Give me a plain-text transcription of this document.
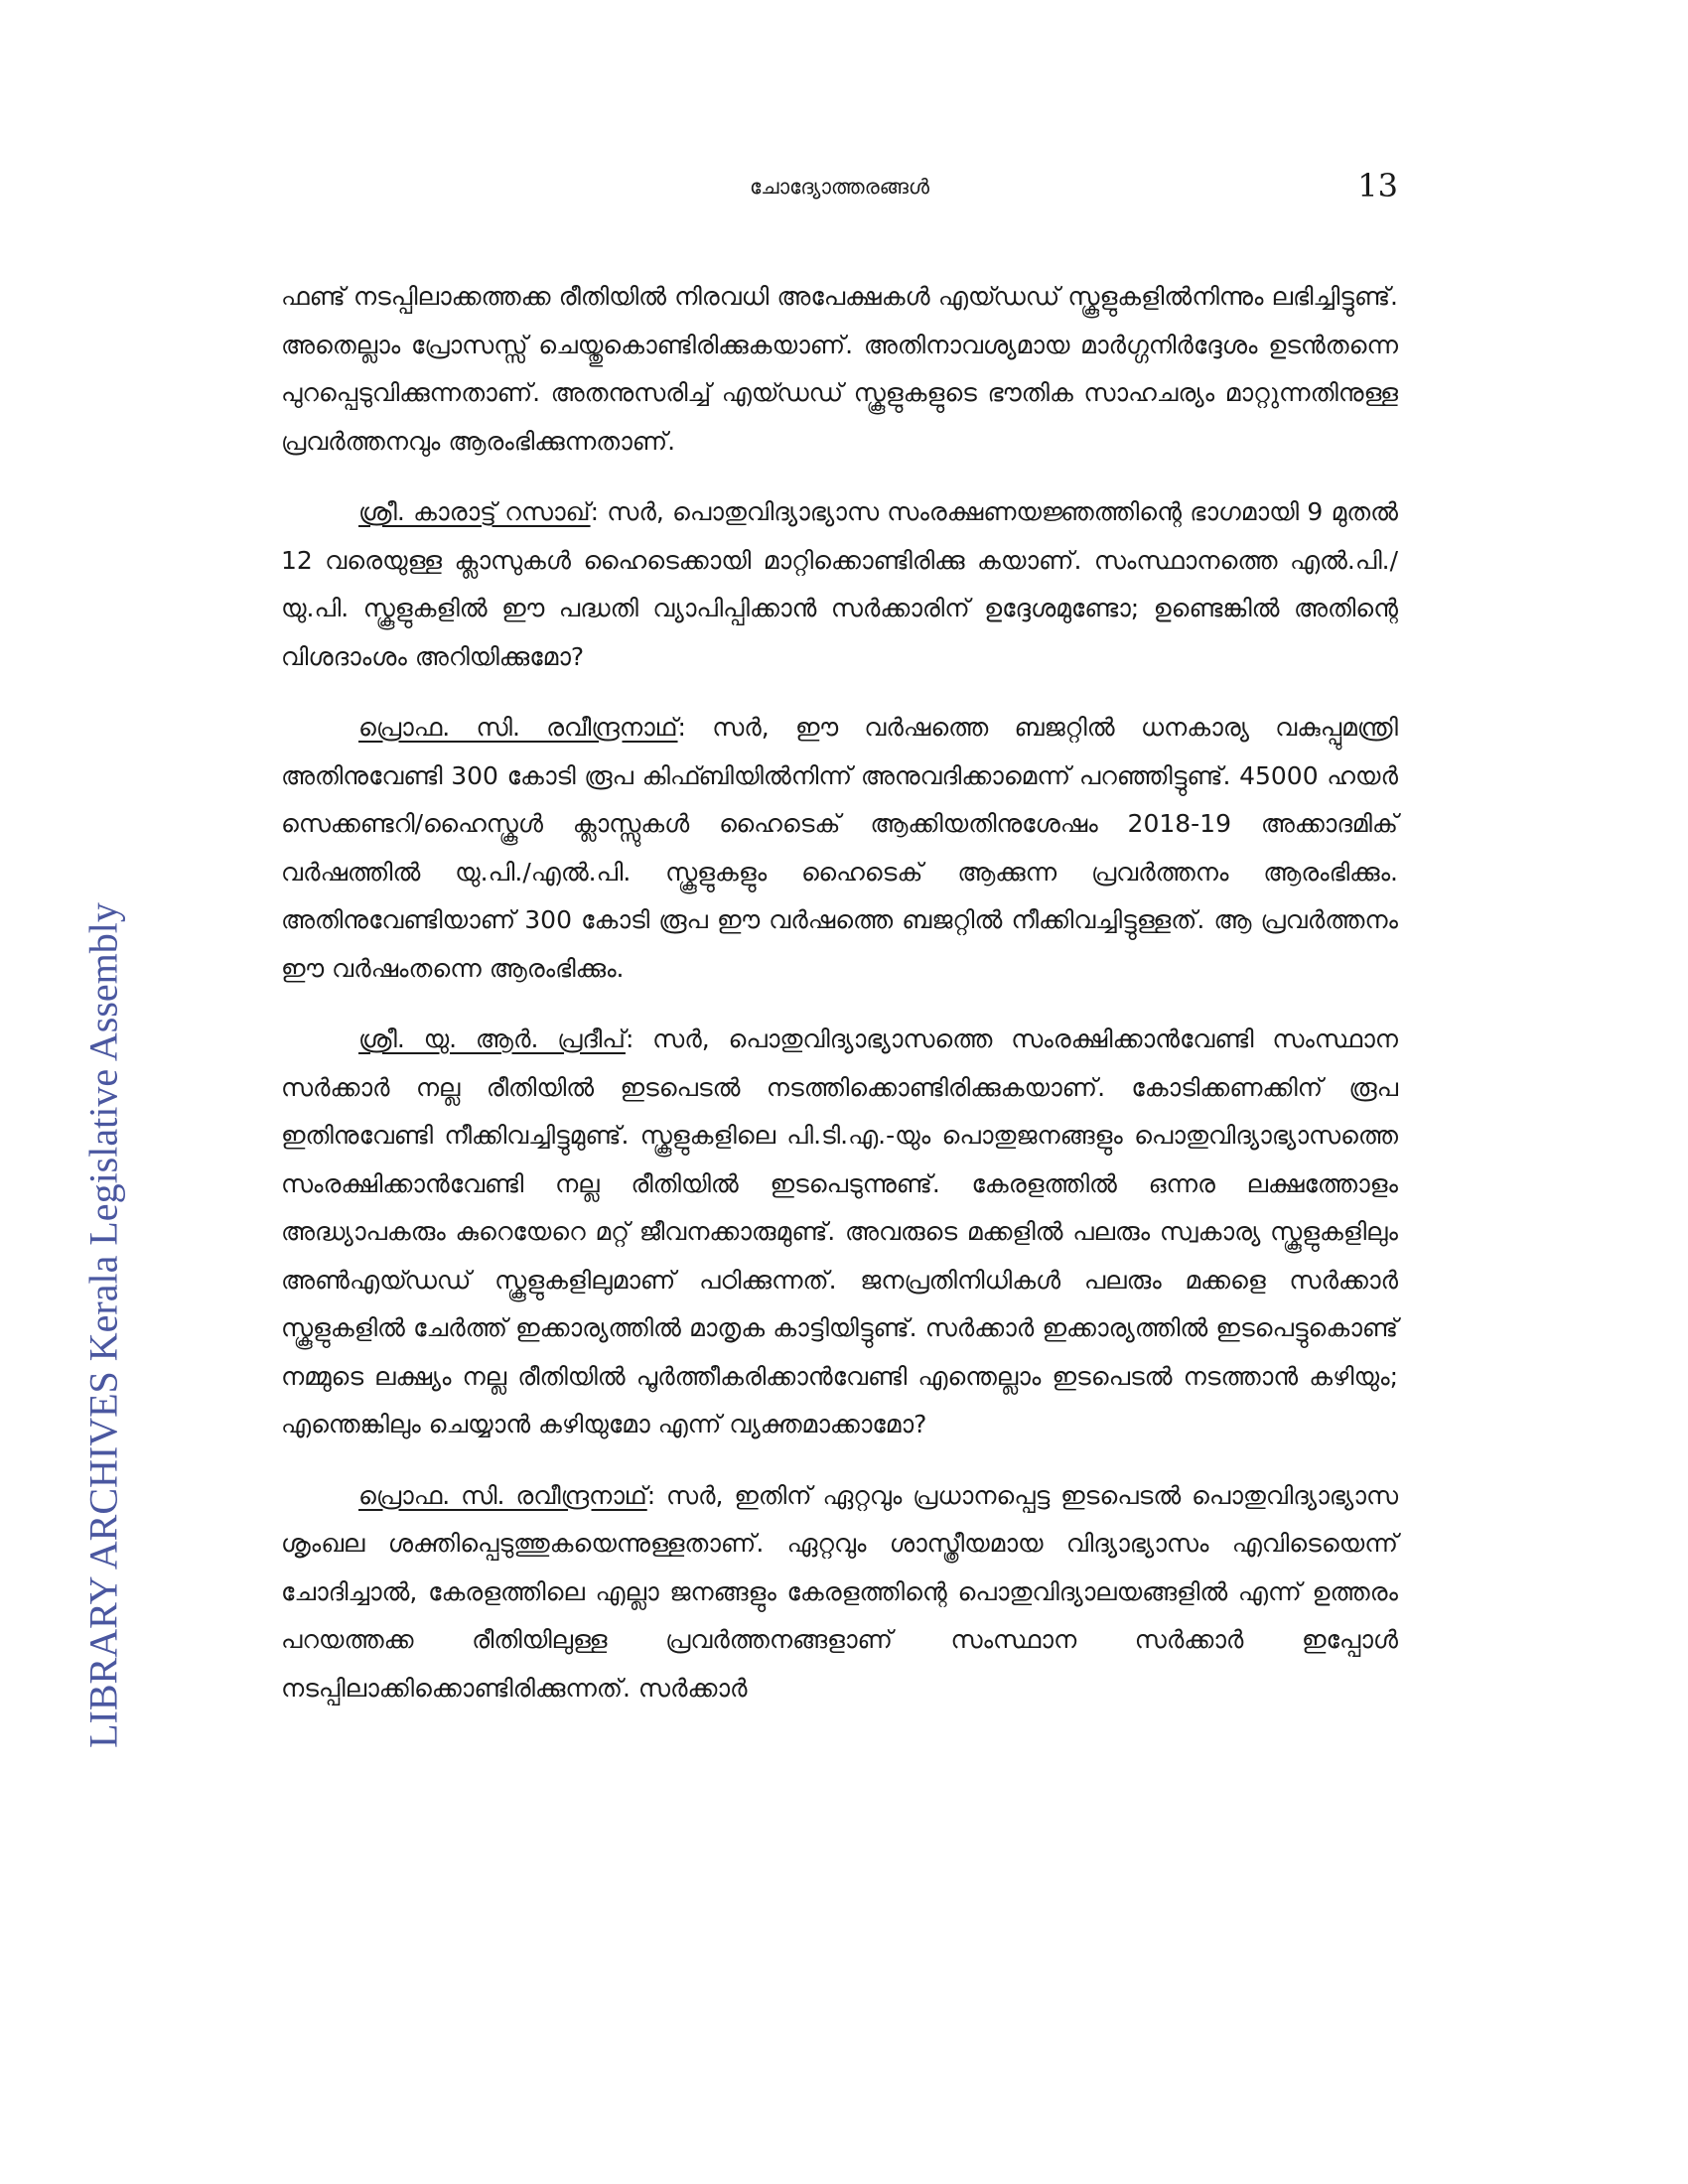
ചോദ്യോത്തരങ്ങൾ	13
LIBRARY ARCHIVES Kerala Legislative Assembly

ഫണ്ട് നടപ്പിലാക്കത്തക്ക രീതിയിൽ നിരവധി അപേക്ഷകൾ എയ്ഡഡ് സ്കൂളുകളിൽനിന്നും ലഭിച്ചിട്ടുണ്ട്. അതെല്ലാം പ്രോസസ്സ് ചെയ്തുകൊണ്ടിരിക്കുകയാണ്. അതിനാവശ്യമായ മാർഗ്ഗനിർദ്ദേശം ഉടൻതന്നെ പുറപ്പെടുവിക്കുന്നതാണ്. അതനുസരിച്ച് എയ്ഡഡ് സ്കൂളുകളുടെ ഭൗതിക സാഹചര്യം മാറ്റുന്നതിനുള്ള പ്രവർത്തനവും ആരംഭിക്കുന്നതാണ്.

ശ്രീ. കാരാട്ട് റസാഖ്: സർ, പൊതുവിദ്യാഭ്യാസ സംരക്ഷണയജ്ഞത്തിന്റെ ഭാഗമായി 9 മുതൽ 12 വരെയുള്ള ക്ലാസുകൾ ഹൈടെക്കായി മാറ്റിക്കൊണ്ടിരിക്കു കയാണ്. സംസ്ഥാനത്തെ എൽ.പി./യു.പി. സ്കൂളുകളിൽ ഈ പദ്ധതി വ്യാപിപ്പിക്കാൻ സർക്കാരിന് ഉദ്ദേശമുണ്ടോ; ഉണ്ടെങ്കിൽ അതിന്റെ വിശദാംശം അറിയിക്കുമോ?

പ്രൊഫ. സി. രവീന്ദ്രനാഥ്: സർ, ഈ വർഷത്തെ ബജറ്റിൽ ധനകാര്യ വകുപ്പുമന്ത്രി അതിനുവേണ്ടി 300 കോടി രൂപ കിഫ്ബിയിൽനിന്ന് അനുവദിക്കാമെന്ന് പറഞ്ഞിട്ടുണ്ട്. 45000 ഹയർ സെക്കണ്ടറി/ഹൈസ്കൂൾ ക്ലാസ്സുകൾ ഹൈടെക് ആക്കിയതിനുശേഷം 2018-19 അക്കാദമിക് വർഷത്തിൽ യു.പി./എൽ.പി. സ്കൂളുകളും ഹൈടെക് ആക്കുന്ന പ്രവർത്തനം ആരംഭിക്കും. അതിനുവേണ്ടിയാണ് 300 കോടി രൂപ ഈ വർഷത്തെ ബജറ്റിൽ നീക്കിവച്ചിട്ടുള്ളത്. ആ പ്രവർത്തനം ഈ വർഷംതന്നെ ആരംഭിക്കും.

ശ്രീ. യു. ആർ. പ്രദീപ്: സർ, പൊതുവിദ്യാഭ്യാസത്തെ സംരക്ഷിക്കാൻവേണ്ടി സംസ്ഥാന സർക്കാർ നല്ല രീതിയിൽ ഇടപെടൽ നടത്തിക്കൊണ്ടിരിക്കുകയാണ്. കോടിക്കണക്കിന് രൂപ ഇതിനുവേണ്ടി നീക്കിവച്ചിട്ടുമുണ്ട്. സ്കൂളുകളിലെ പി.ടി.എ.-യും പൊതുജനങ്ങളും പൊതുവിദ്യാഭ്യാസത്തെ സംരക്ഷിക്കാൻവേണ്ടി നല്ല രീതിയിൽ ഇടപെടുന്നുണ്ട്. കേരളത്തിൽ ഒന്നര ലക്ഷത്തോളം അദ്ധ്യാപകരും കുറെയേറെ മറ്റ് ജീവനക്കാരുമുണ്ട്. അവരുടെ മക്കളിൽ പലരും സ്വകാര്യ സ്കൂളുകളിലും അൺഎയ്ഡഡ് സ്കൂളുകളിലുമാണ് പഠിക്കുന്നത്. ജനപ്രതിനിധികൾ പലരും മക്കളെ സർക്കാർ സ്കൂളുകളിൽ ചേർത്ത് ഇക്കാര്യത്തിൽ മാതൃക കാട്ടിയിട്ടുണ്ട്. സർക്കാർ ഇക്കാര്യത്തിൽ ഇടപെട്ടുകൊണ്ട് നമ്മുടെ ലക്ഷ്യം നല്ല രീതിയിൽ പൂർത്തീകരിക്കാൻവേണ്ടി എന്തെല്ലാം ഇടപെടൽ നടത്താൻ കഴിയും; എന്തെങ്കിലും ചെയ്യാൻ കഴിയുമോ എന്ന് വ്യക്തമാക്കാമോ?

പ്രൊഫ. സി. രവീന്ദ്രനാഥ്: സർ, ഇതിന് ഏറ്റവും പ്രധാനപ്പെട്ട ഇടപെടൽ പൊതുവിദ്യാഭ്യാസ ശൃംഖല ശക്തിപ്പെടുത്തുകയെന്നുള്ളതാണ്. ഏറ്റവും ശാസ്ത്രീയമായ വിദ്യാഭ്യാസം എവിടെയെന്ന് ചോദിച്ചാൽ, കേരളത്തിലെ എല്ലാ ജനങ്ങളും കേരളത്തിന്റെ പൊതുവിദ്യാലയങ്ങളിൽ എന്ന് ഉത്തരം പറയത്തക്ക രീതിയിലുള്ള പ്രവർത്തനങ്ങളാണ് സംസ്ഥാന സർക്കാർ ഇപ്പോൾ നടപ്പിലാക്കിക്കൊണ്ടിരിക്കുന്നത്. സർക്കാർ
